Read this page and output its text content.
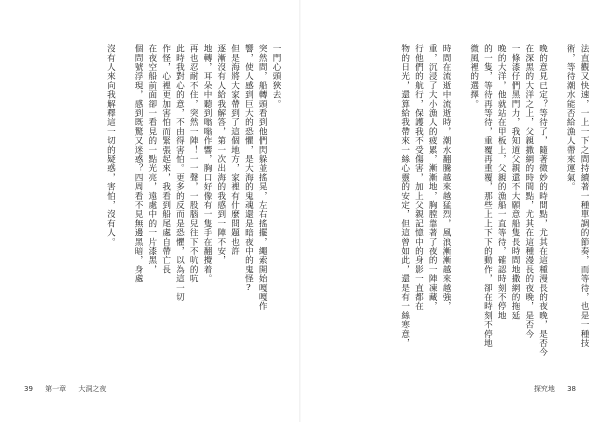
一門心頭狹去。
突然間，船轉頭看到他們閃躲並搖晃，左右搖擺，繩索開始嘎嘎作
響，使人感到巨大的恐懼，是大海的鬼魂還是暗夜中的鬼怪?
但是海將大家帶到了這個地方，家裡有什麼問題也許
逐漸沒有人給我解答，第一次出海的我感到一陣不安，
地轉，耳朵中聽到嗡嗡作響，胸口好像有一隻手在翻攪着。
再也忍耐不住，突然一陣！一一聲，一股腦兒往下不吭的吭
此時我對心的意，不由得害怕。更多的反而是恐懼，以為這一切
作怪，心裡更加害怕而緊張起來，我看到船尾處自帶亡長
在夜空船前面卻一看見的一點光亮，遠處中的一片漆黑，
個問號浮現，感到既驚又迷惑？四周看不見無邊黑暗，身處

沒有人來向我解釋這一切的疑惑，害怕，沒有人。
39 第一章 大洞之夜
法直觀又快速，一上一下之間持續著一種單調的節奏，而等待，也是一種技
術，等待潮水能否給漁人帶來運氣。

晚的意見已定？等待了，隨著微妙的時間點，尤其在這種漫長的夜晚，是否今
在深黑的大洋之上，父親撒網的時間點，尤其在這種漫長的夜晚，是否今
一條漆仔們黑門力，我知道父親還不大願意船隻長時間地撒網的拖延
晚的大洋，他就站在甲板上，父親的漁船一直等待，確認時刻不停地
的一隻，等待再等待，重覆再重覆，那些上上下下的動作，卻在時刻不停地
微風裡的選擇。

時間在流逝中流逝時，潮水翻騰越來越猛烈，風浪漸漸越來越強，
重，沉浸了大小漁人的疲累，漸漸地，胸膛靠著了夜的一陣凍藏，
行他們的航行，保護我不受傷害，加上父親記憶中的身影一直都在
物的日光，還算給我帶來一絲心靈的安定，但這曾如此，還是有一絲寒意，
探究地 38
